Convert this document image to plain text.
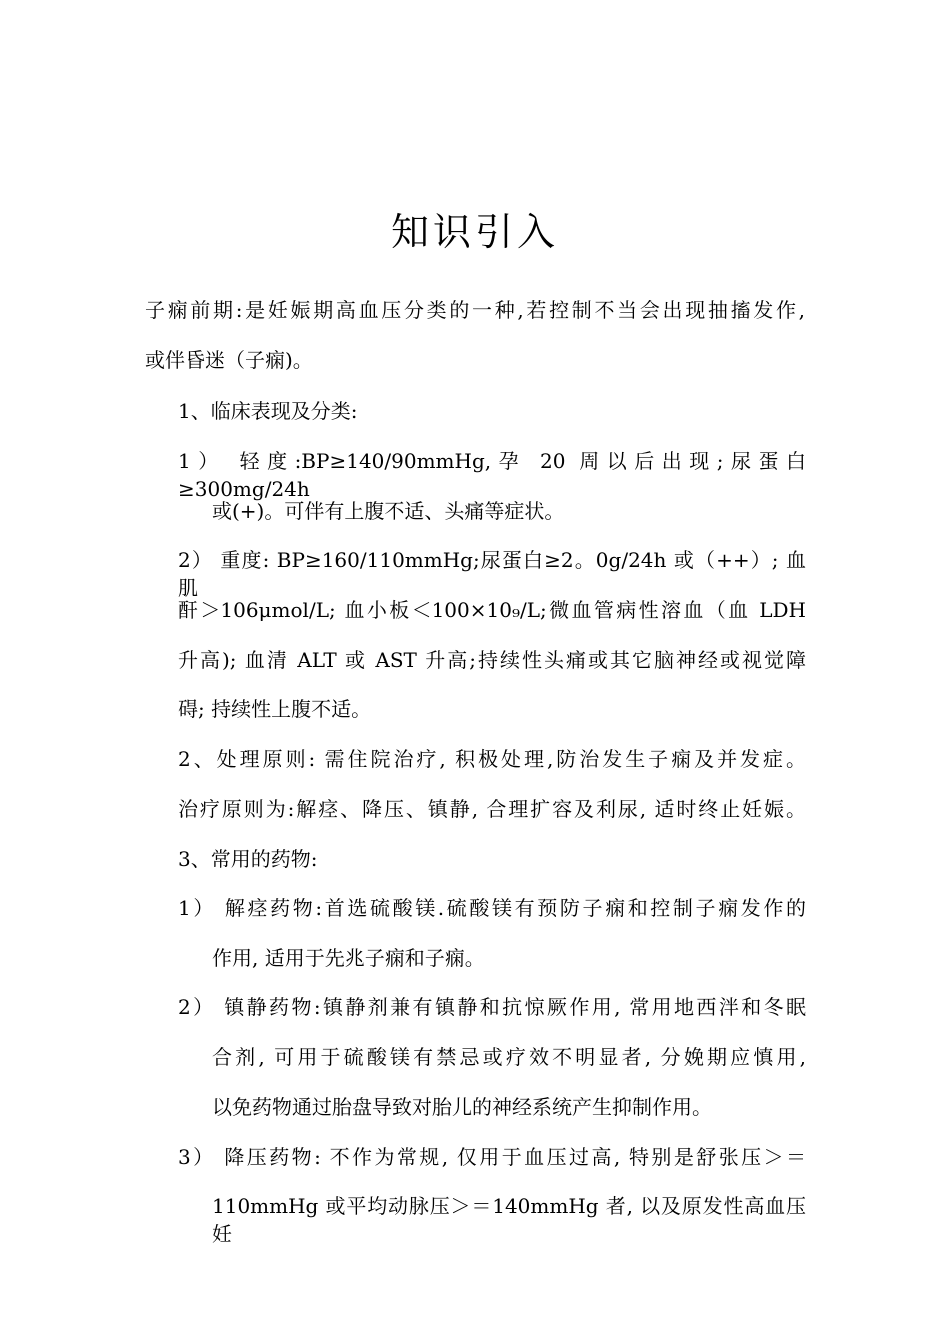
知识引入
子痫前期:是妊娠期高血压分类的一种,若控制不当会出现抽搐发作,
或伴昏迷（子痫)。
1、临床表现及分类:
1） 轻度:BP≥140/90mmHg,孕 20 周以后出现;尿蛋白≥300mg/24h
或(+)。可伴有上腹不适、头痛等症状。
2） 重度: BP≥160/110mmHg;尿蛋白≥2。0g/24h 或（++）; 血肌
酐＞106μmol/L; 血小板＜100×10₉/L;微血管病性溶血（血 LDH
升高); 血清 ALT 或 AST 升高;持续性头痛或其它脑神经或视觉障
碍; 持续性上腹不适。
2、处理原则: 需住院治疗, 积极处理,防治发生子痫及并发症。
治疗原则为:解痉、降压、镇静, 合理扩容及利尿, 适时终止妊娠。
3、常用的药物:
1） 解痉药物:首选硫酸镁.硫酸镁有预防子痫和控制子痫发作的
作用, 适用于先兆子痫和子痫。
2） 镇静药物:镇静剂兼有镇静和抗惊厥作用, 常用地西泮和冬眠
合剂, 可用于硫酸镁有禁忌或疗效不明显者, 分娩期应慎用,
以免药物通过胎盘导致对胎儿的神经系统产生抑制作用。
3） 降压药物: 不作为常规, 仅用于血压过高, 特别是舒张压＞＝
110mmHg 或平均动脉压＞＝140mmHg 者, 以及原发性高血压妊
